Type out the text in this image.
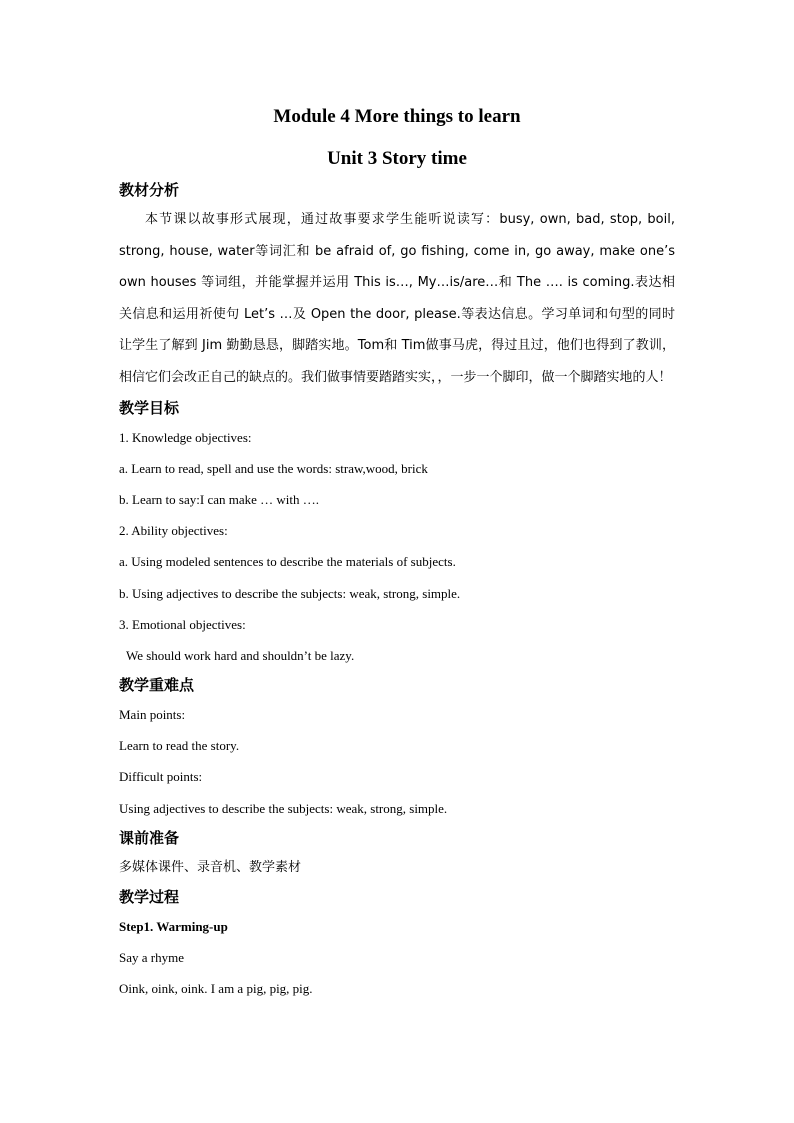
Module 4 More things to learn
Unit 3 Story time
教材分析

本节课以故事形式展现，通过故事要求学生能听说读写：busy, own, bad, stop, boil, strong, house, water等词汇和 be afraid of, go fishing, come in, go away, make one’s own houses 等词组，并能掌握并运用 This is…, My…is/are…和 The …. is coming.表达相关信息和运用祈使句 Let’s …及 Open the door, please.等表达信息。学习单词和句型的同时让学生了解到 Jim 勤勤恳恳，脚踏实地。Tom和 Tim做事马虎，得过且过，他们也得到了教训，相信它们会改正自己的缺点的。我们做事情要踏踏实实，，一步一个脚印，做一个脚踏实地的人！

教学目标
1. Knowledge objectives:
a. Learn to read, spell and use the words: straw,wood, brick
b. Learn to say:I can make … with ….
2. Ability objectives:
a. Using modeled sentences to describe the materials of subjects.
b. Using adjectives to describe the subjects: weak, strong, simple.
3. Emotional objectives:
We should work hard and shouldn’t be lazy.
教学重难点
Main points:
Learn to read the story.
Difficult points:
Using adjectives to describe the subjects: weak, strong, simple.
课前准备
多媒体课件、录音机、教学素材
教学过程
Step1. Warming-up
Say a rhyme
Oink, oink, oink. I am a pig, pig, pig.
